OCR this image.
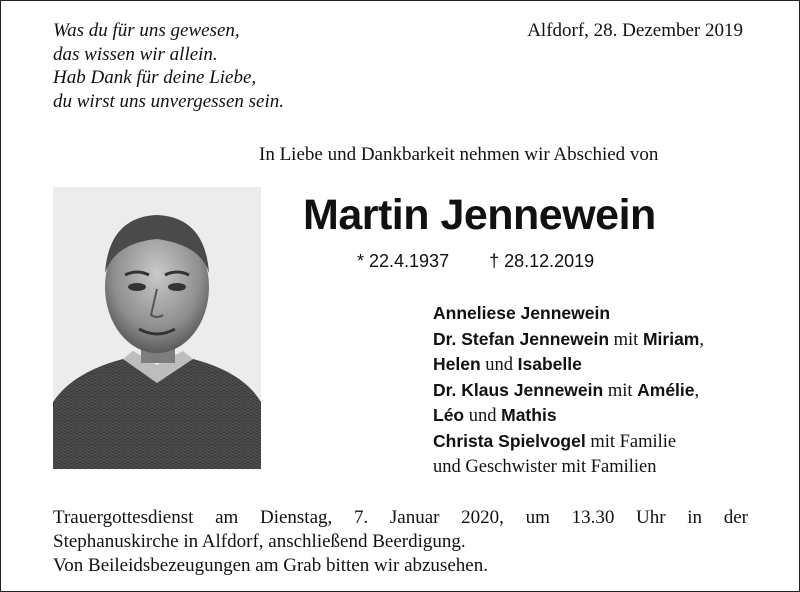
Was du für uns gewesen,
das wissen wir allein.
Hab Dank für deine Liebe,
du wirst uns unvergessen sein.
Alfdorf, 28. Dezember 2019
In Liebe und Dankbarkeit nehmen wir Abschied von
Martin Jennewein
* 22.4.1937 † 28.12.2019
Anneliese Jennewein
Dr. Stefan Jennewein mit Miriam,
Helen und Isabelle
Dr. Klaus Jennewein mit Amélie,
Léo und Mathis
Christa Spielvogel mit Familie
und Geschwister mit Familien
Trauergottesdienst am Dienstag, 7. Januar 2020, um 13.30 Uhr in der
Stephanuskirche in Alfdorf, anschließend Beerdigung.
Von Beileidsbezeugungen am Grab bitten wir abzusehen.
